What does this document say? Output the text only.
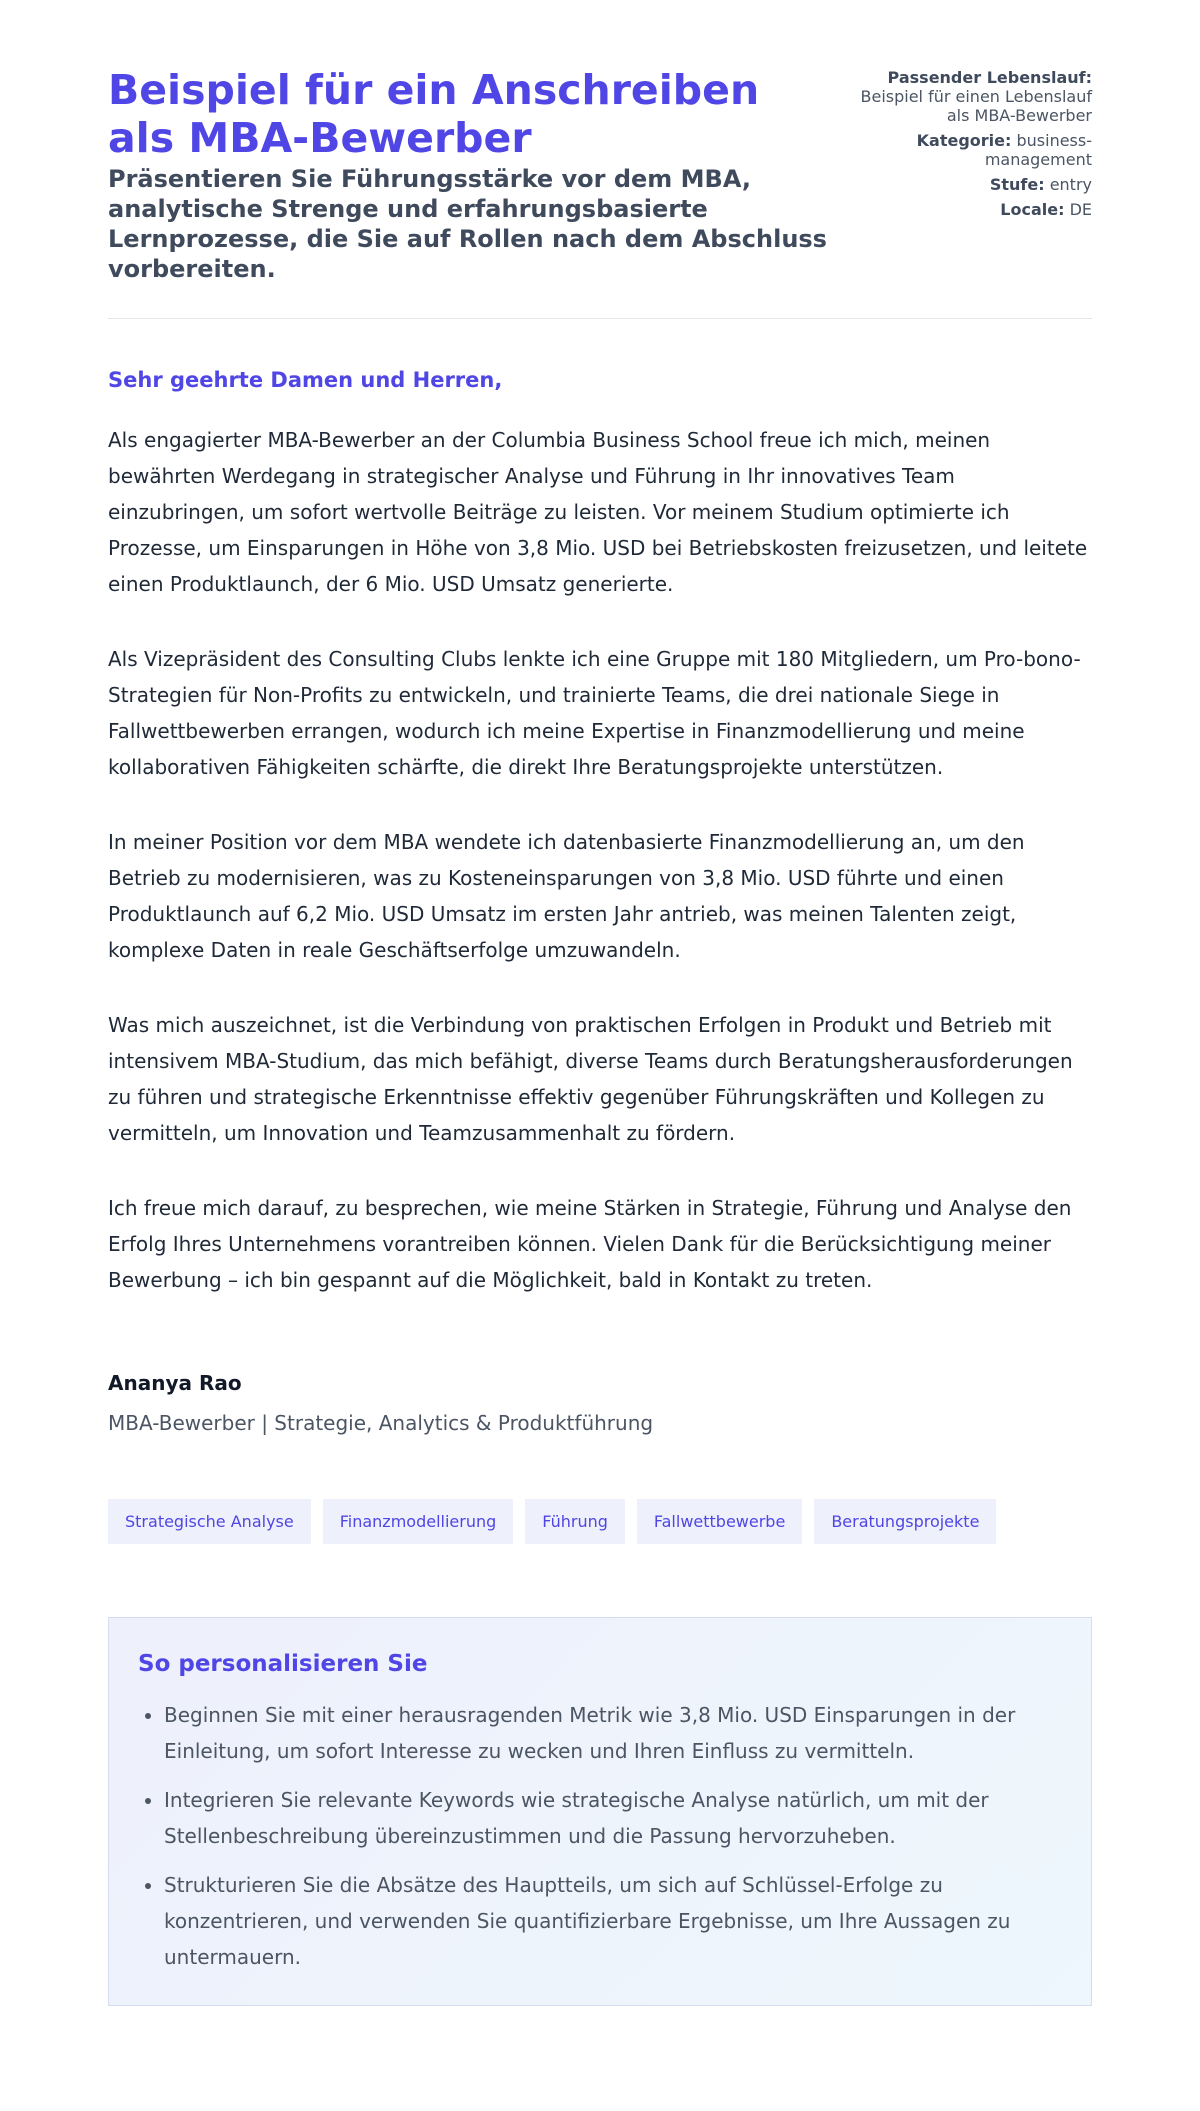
Beispiel für ein Anschreiben als MBA-Bewerber
Präsentieren Sie Führungsstärke vor dem MBA, analytische Strenge und erfahrungsbasierte Lernprozesse, die Sie auf Rollen nach dem Abschluss vorbereiten.
Passender Lebenslauf: Beispiel für einen Lebenslauf als MBA-Bewerber
Kategorie: business-management
Stufe: entry
Locale: DE

Sehr geehrte Damen und Herren,

Als engagierter MBA-Bewerber an der Columbia Business School freue ich mich, meinen bewährten Werdegang in strategischer Analyse und Führung in Ihr innovatives Team einzubringen, um sofort wertvolle Beiträge zu leisten. Vor meinem Studium optimierte ich Prozesse, um Einsparungen in Höhe von 3,8 Mio. USD bei Betriebskosten freizusetzen, und leitete einen Produktlaunch, der 6 Mio. USD Umsatz generierte.

Als Vizepräsident des Consulting Clubs lenkte ich eine Gruppe mit 180 Mitgliedern, um Pro-bono-Strategien für Non-Profits zu entwickeln, und trainierte Teams, die drei nationale Siege in Fallwettbewerben errangen, wodurch ich meine Expertise in Finanzmodellierung und meine kollaborativen Fähigkeiten schärfte, die direkt Ihre Beratungsprojekte unterstützen.

In meiner Position vor dem MBA wendete ich datenbasierte Finanzmodellierung an, um den Betrieb zu modernisieren, was zu Kosteneinsparungen von 3,8 Mio. USD führte und einen Produktlaunch auf 6,2 Mio. USD Umsatz im ersten Jahr antrieb, was meinen Talenten zeigt, komplexe Daten in reale Geschäftserfolge umzuwandeln.

Was mich auszeichnet, ist die Verbindung von praktischen Erfolgen in Produkt und Betrieb mit intensivem MBA-Studium, das mich befähigt, diverse Teams durch Beratungsherausforderungen zu führen und strategische Erkenntnisse effektiv gegenüber Führungskräften und Kollegen zu vermitteln, um Innovation und Teamzusammenhalt zu fördern.

Ich freue mich darauf, zu besprechen, wie meine Stärken in Strategie, Führung und Analyse den Erfolg Ihres Unternehmens vorantreiben können. Vielen Dank für die Berücksichtigung meiner Bewerbung – ich bin gespannt auf die Möglichkeit, bald in Kontakt zu treten.

Ananya Rao
MBA-Bewerber | Strategie, Analytics & Produktführung
Strategische Analyse	Finanzmodellierung	Führung	Fallwettbewerbe	Beratungsprojekte
So personalisieren Sie
• Beginnen Sie mit einer herausragenden Metrik wie 3,8 Mio. USD Einsparungen in der Einleitung, um sofort Interesse zu wecken und Ihren Einfluss zu vermitteln.
• Integrieren Sie relevante Keywords wie strategische Analyse natürlich, um mit der Stellenbeschreibung übereinzustimmen und die Passung hervorzuheben.
• Strukturieren Sie die Absätze des Hauptteils, um sich auf Schlüssel-Erfolge zu konzentrieren, und verwenden Sie quantifizierbare Ergebnisse, um Ihre Aussagen zu untermauern.
